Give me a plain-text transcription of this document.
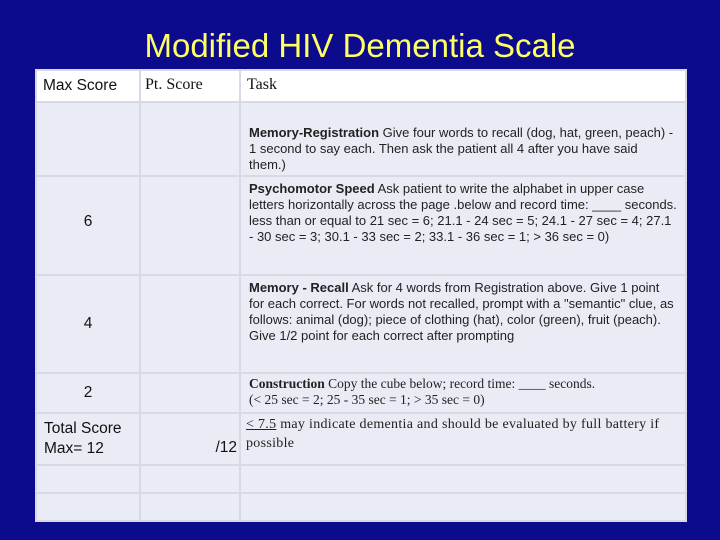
Modified HIV Dementia Scale
Max Score	Pt. Score	Task

		Memory-Registration Give four words to recall (dog, hat, green, peach) - 1 second to say each. Then ask the patient all 4 after you have said them.)

6		Psychomotor Speed Ask patient to write the alphabet in upper case letters horizontally across the page .below and record time: ____ seconds.
less than or equal to 21 sec = 6; 21.1 - 24 sec = 5; 24.1 - 27 sec = 4; 27.1 - 30 sec = 3; 30.1 - 33 sec = 2; 33.1 - 36 sec = 1; > 36 sec = 0)

4		Memory - Recall Ask for 4 words from Registration above. Give 1 point for each correct. For words not recalled, prompt with a "semantic" clue, as follows: animal (dog); piece of clothing (hat), color (green), fruit (peach). Give 1/2 point for each correct after prompting

2		Construction Copy the cube below; record time: ____ seconds.
(< 25 sec = 2; 25 - 35 sec = 1; > 35 sec = 0)

Total Score
Max= 12	/12	< 7.5 may indicate dementia and should be evaluated by full battery if possible
